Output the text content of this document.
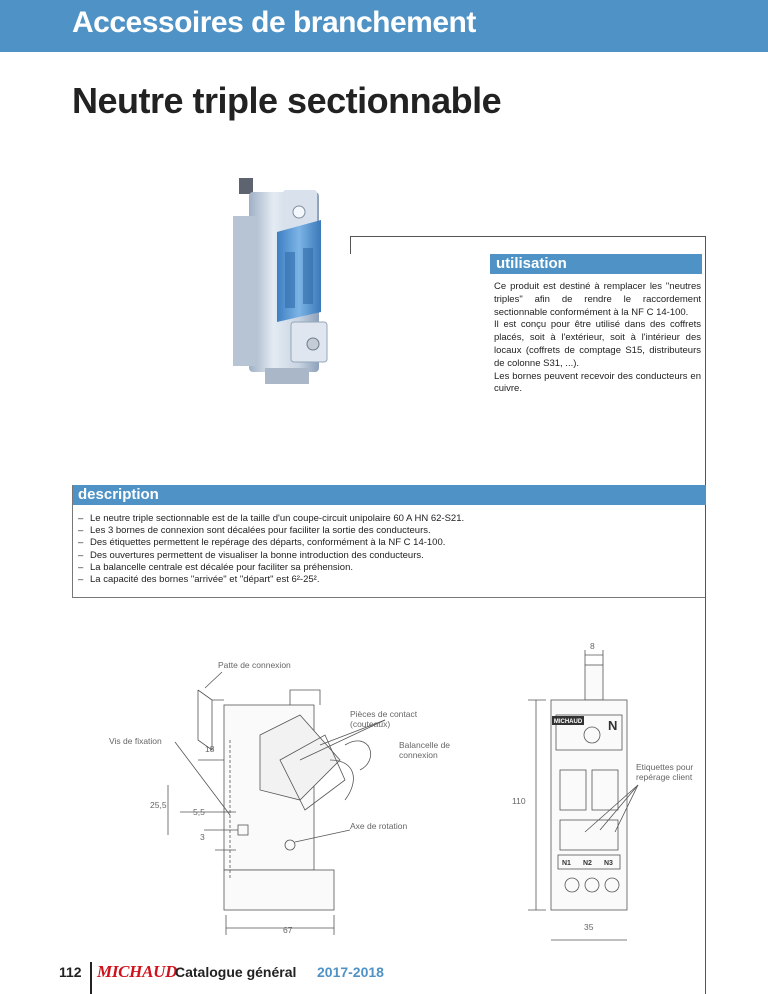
Accessoires de branchement
Neutre triple sectionnable
utilisation

Ce produit est destiné à remplacer les "neutres triples" afin de rendre le raccordement sectionnable conformément à la NF C 14-100.

Il est conçu pour être utilisé dans des coffrets placés, soit à l'extérieur, soit à l'intérieur des locaux (coffrets de comptage S15, distributeurs de colonne S31, ...).

Les bornes peuvent recevoir des conducteurs en cuivre.

description
– Le neutre triple sectionnable est de la taille d'un coupe-circuit unipolaire 60 A HN 62-S21.
– Les 3 bornes de connexion sont décalées pour faciliter la sortie des conducteurs.
– Des étiquettes permettent le repérage des départs, conformément à la NF C 14-100.
– Des ouvertures permettent de visualiser la bonne introduction des conducteurs.
– La balancelle centrale est décalée pour faciliter sa préhension.
– La capacité des bornes "arrivée" et "départ" est 6²-25².
MICHAUD N
N1 N2 N3
Patte de connexion
Pièces de contact
(couteaux)
Vis de fixation	Balancelle de
connexion
Axe de rotation
Etiquettes pour
repérage client
8
18
25,5
5,5
3
110
67	35
112 MICHAUD
Catalogue général 2017-2018
